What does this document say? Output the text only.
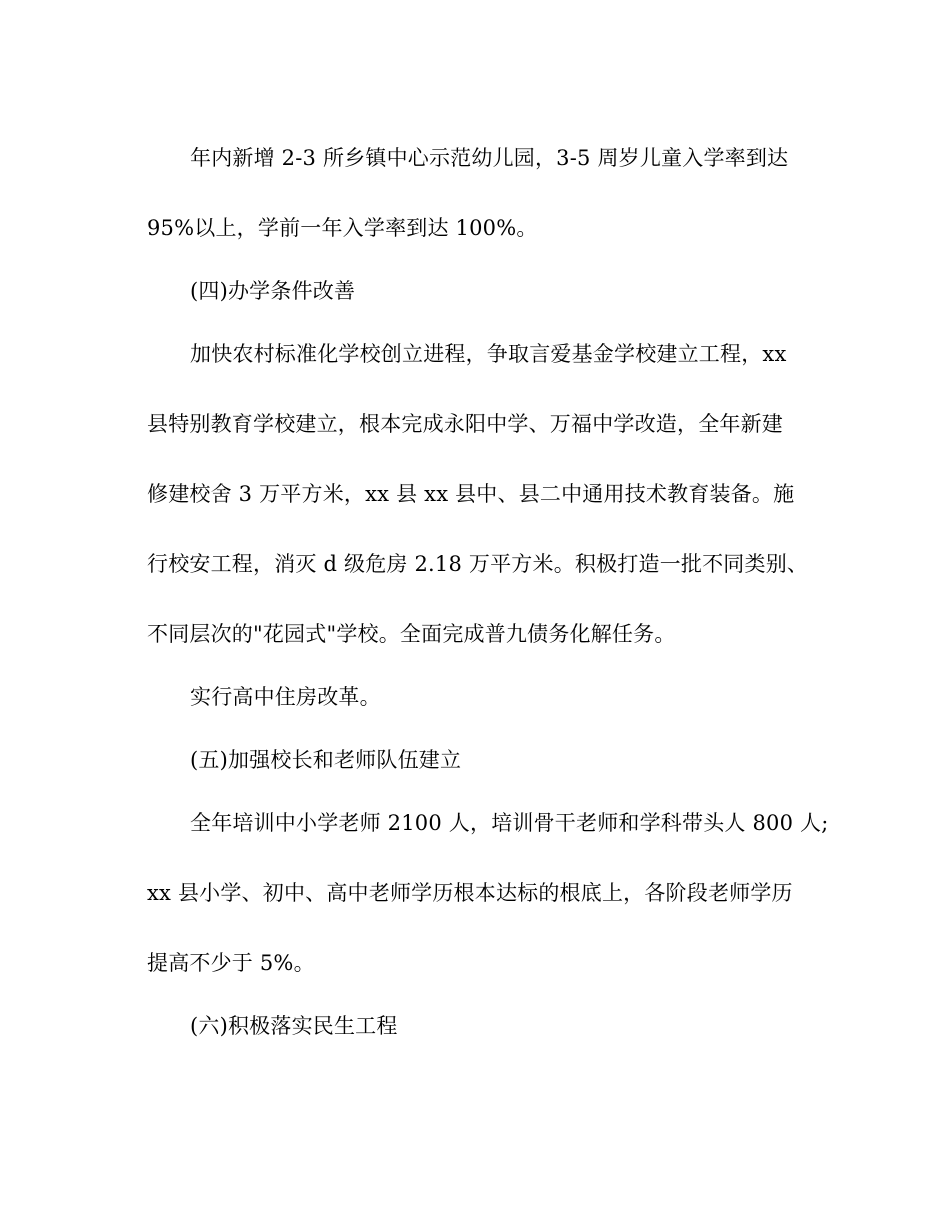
年内新增 2-3 所乡镇中心示范幼儿园，3-5 周岁儿童入学率到达
95%以上，学前一年入学率到达 100%。
(四)办学条件改善
加快农村标准化学校创立进程，争取言爱基金学校建立工程，xx
县特别教育学校建立，根本完成永阳中学、万福中学改造，全年新建
修建校舍 3 万平方米，xx 县 xx 县中、县二中通用技术教育装备。施
行校安工程，消灭 d 级危房 2.18 万平方米。积极打造一批不同类别、
不同层次的"花园式"学校。全面完成普九债务化解任务。
实行高中住房改革。
(五)加强校长和老师队伍建立
全年培训中小学老师 2100 人，培训骨干老师和学科带头人 800 人;
xx 县小学、初中、高中老师学历根本达标的根底上，各阶段老师学历
提高不少于 5%。
(六)积极落实民生工程
